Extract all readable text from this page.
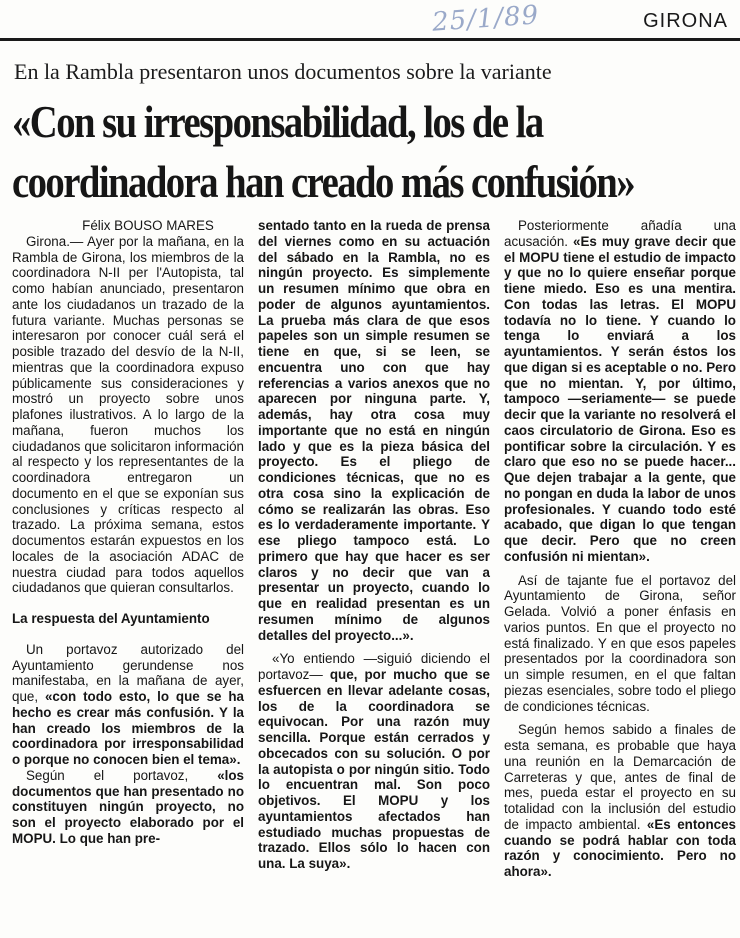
25/1/89	GIRONA
En la Rambla presentaron unos documentos sobre la variante
«Con su irresponsabilidad, los de la
coordinadora han creado más confusión»

Félix BOUSO MARES

Girona.— Ayer por la mañana, en la Rambla de Girona, los miembros de la coordinadora N-II per l'Autopista, tal como habían anunciado, presentaron ante los ciudadanos un trazado de la futura variante. Muchas personas se interesaron por conocer cuál será el posible trazado del desvío de la N-II, mientras que la coordinadora expuso públicamente sus consideraciones y mostró un proyecto sobre unos plafones ilustrativos. A lo largo de la mañana, fueron muchos los ciudadanos que solicitaron información al respecto y los representantes de la coordinadora entregaron un documento en el que se exponían sus conclusiones y críticas respecto al trazado. La próxima semana, estos documentos estarán expuestos en los locales de la asociación ADAC de nuestra ciudad para todos aquellos ciudadanos que quieran consultarlos.

La respuesta del Ayuntamiento

Un portavoz autorizado del Ayuntamiento gerundense nos manifestaba, en la mañana de ayer, que, «con todo esto, lo que se ha hecho es crear más confusión. Y la han creado los miembros de la coordinadora por irresponsabilidad o porque no conocen bien el tema».

Según el portavoz, «los documentos que han presentado no constituyen ningún proyecto, no son el proyecto elaborado por el MOPU. Lo que han pre-

sentado tanto en la rueda de prensa del viernes como en su actuación del sábado en la Rambla, no es ningún proyecto. Es simplemente un resumen mínimo que obra en poder de algunos ayuntamientos. La prueba más clara de que esos papeles son un simple resumen se tiene en que, si se leen, se encuentra uno con que hay referencias a varios anexos que no aparecen por ninguna parte. Y, además, hay otra cosa muy importante que no está en ningún lado y que es la pieza básica del proyecto. Es el pliego de condiciones técnicas, que no es otra cosa sino la explicación de cómo se realizarán las obras. Eso es lo verdaderamente importante. Y ese pliego tampoco está. Lo primero que hay que hacer es ser claros y no decir que van a presentar un proyecto, cuando lo que en realidad presentan es un resumen mínimo de algunos detalles del proyecto...».

«Yo entiendo —siguió diciendo el portavoz— que, por mucho que se esfuercen en llevar adelante cosas, los de la coordinadora se equivocan. Por una razón muy sencilla. Porque están cerrados y obcecados con su solución. O por la autopista o por ningún sitio. Todo lo encuentran mal. Son poco objetivos. El MOPU y los ayuntamientos afectados han estudiado muchas propuestas de trazado. Ellos sólo lo hacen con una. La suya».

Posteriormente añadía una acusación. «Es muy grave decir que el MOPU tiene el estudio de impacto y que no lo quiere enseñar porque tiene miedo. Eso es una mentira. Con todas las letras. El MOPU todavía no lo tiene. Y cuando lo tenga lo enviará a los ayuntamientos. Y serán éstos los que digan si es aceptable o no. Pero que no mientan. Y, por último, tampoco —seriamente— se puede decir que la variante no resolverá el caos circulatorio de Girona. Eso es pontificar sobre la circulación. Y es claro que eso no se puede hacer... Que dejen trabajar a la gente, que no pongan en duda la labor de unos profesionales. Y cuando todo esté acabado, que digan lo que tengan que decir. Pero que no creen confusión ni mientan».

Así de tajante fue el portavoz del Ayuntamiento de Girona, señor Gelada. Volvió a poner énfasis en varios puntos. En que el proyecto no está finalizado. Y en que esos papeles presentados por la coordinadora son un simple resumen, en el que faltan piezas esenciales, sobre todo el pliego de condiciones técnicas.

Según hemos sabido a finales de esta semana, es probable que haya una reunión en la Demarcación de Carreteras y que, antes de final de mes, pueda estar el proyecto en su totalidad con la inclusión del estudio de impacto ambiental. «Es entonces cuando se podrá hablar con toda razón y conocimiento. Pero no ahora».
